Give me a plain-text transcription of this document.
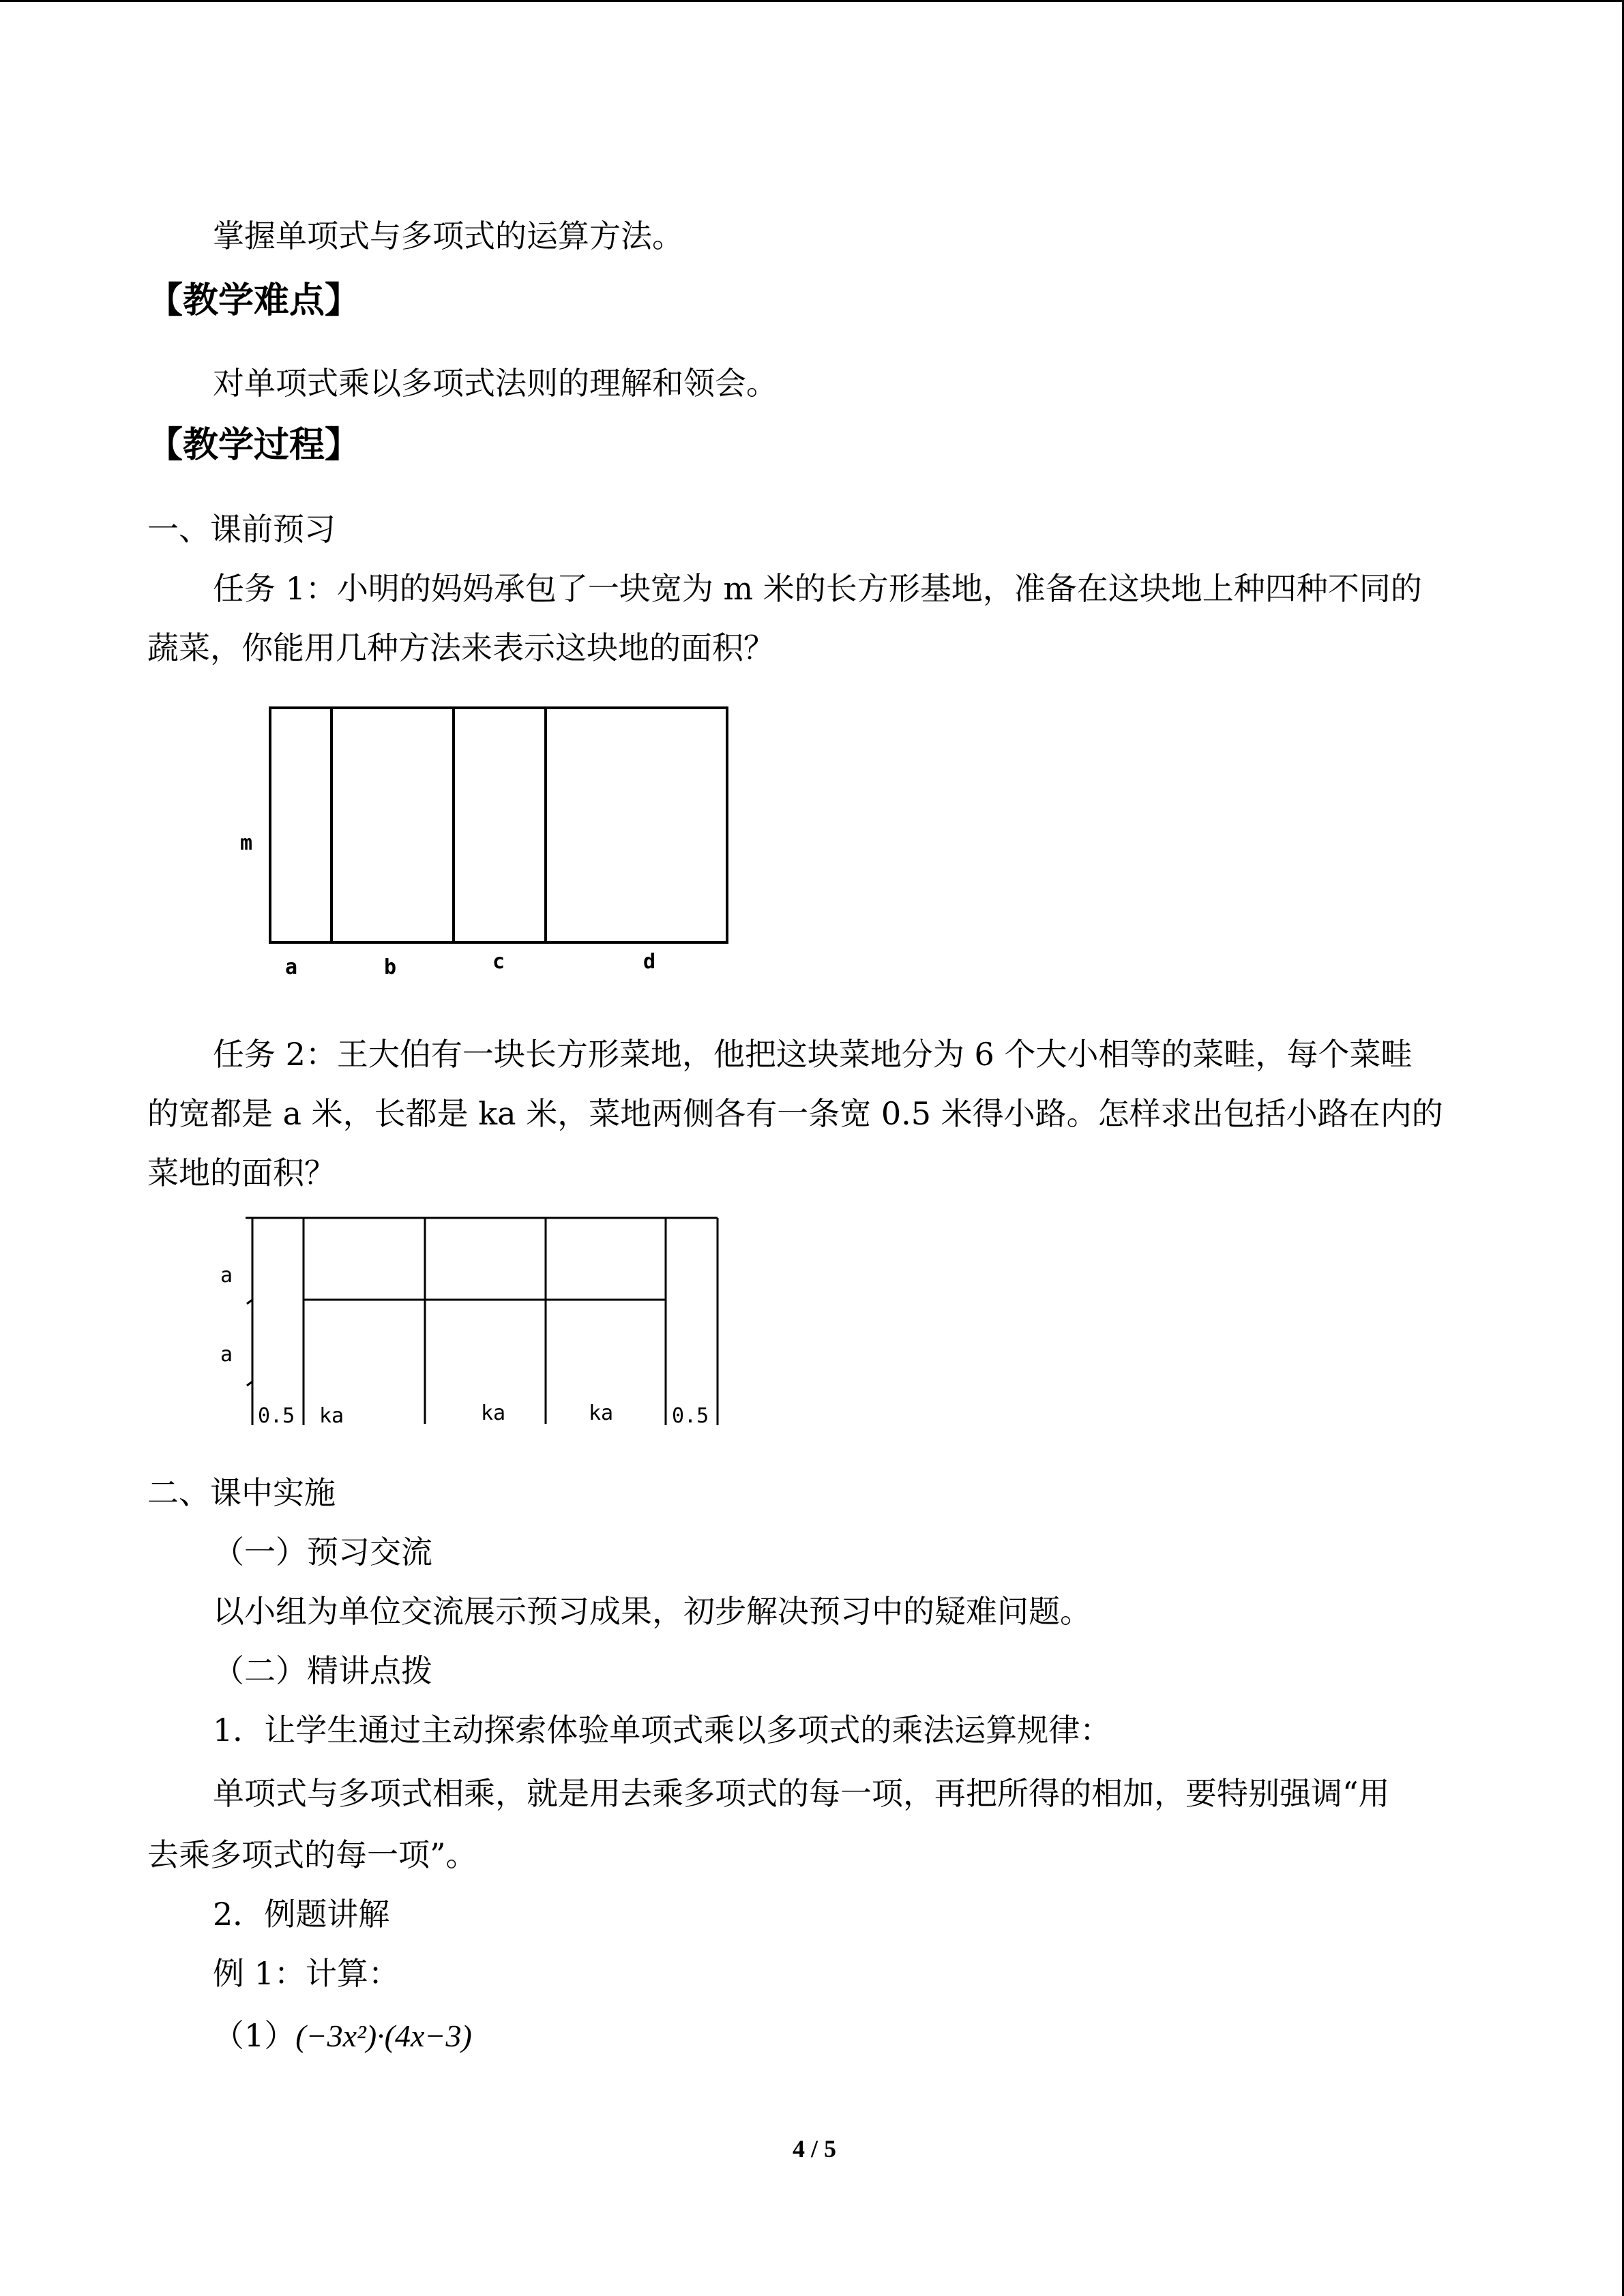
掌握单项式与多项式的运算方法。
【教学难点】
对单项式乘以多项式法则的理解和领会。
【教学过程】
一、课前预习
任务 1：小明的妈妈承包了一块宽为 m 米的长方形基地，准备在这块地上种四种不同的
蔬菜，你能用几种方法来表示这块地的面积？
m
a	b	c	d
任务 2：王大伯有一块长方形菜地，他把这块菜地分为 6 个大小相等的菜畦，每个菜畦
的宽都是 a 米，长都是 ka 米，菜地两侧各有一条宽 0.5 米得小路。怎样求出包括小路在内的
菜地的面积？
a
a
0.5 ka	ka	ka	0.5
二、课中实施
（一）预习交流
以小组为单位交流展示预习成果，初步解决预习中的疑难问题。
（二）精讲点拨
1．让学生通过主动探索体验单项式乘以多项式的乘法运算规律：
单项式与多项式相乘，就是用去乘多项式的每一项，再把所得的相加，要特别强调“用
去乘多项式的每一项”。
2．例题讲解
例 1：计算：
（1）(−3x²)·(4x−3)
4 / 5
